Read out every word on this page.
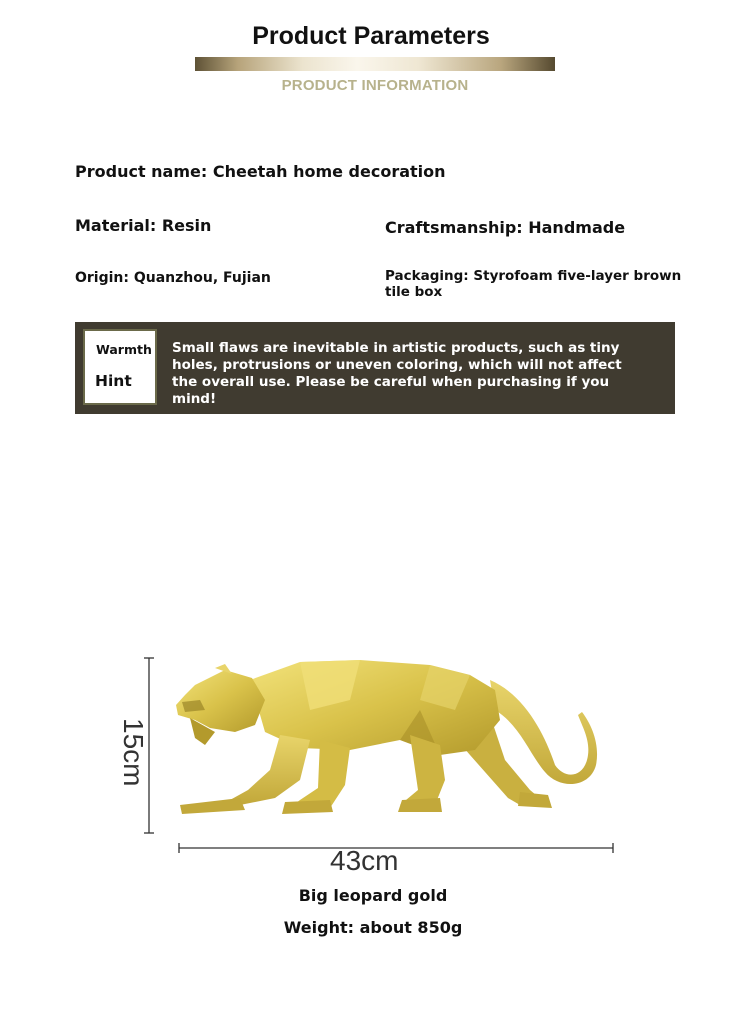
Product Parameters
PRODUCT INFORMATION
Product name: Cheetah home decoration
Material: Resin	Craftsmanship: Handmade
Origin: Quanzhou, Fujian	Packaging: Styrofoam five-layer brown tile box
Warmth
Hint
Small flaws are inevitable in artistic products, such as tiny holes, protrusions or uneven coloring, which will not affect the overall use. Please be careful when purchasing if you mind!
15cm
43cm
Big leopard gold
Weight: about 850g
